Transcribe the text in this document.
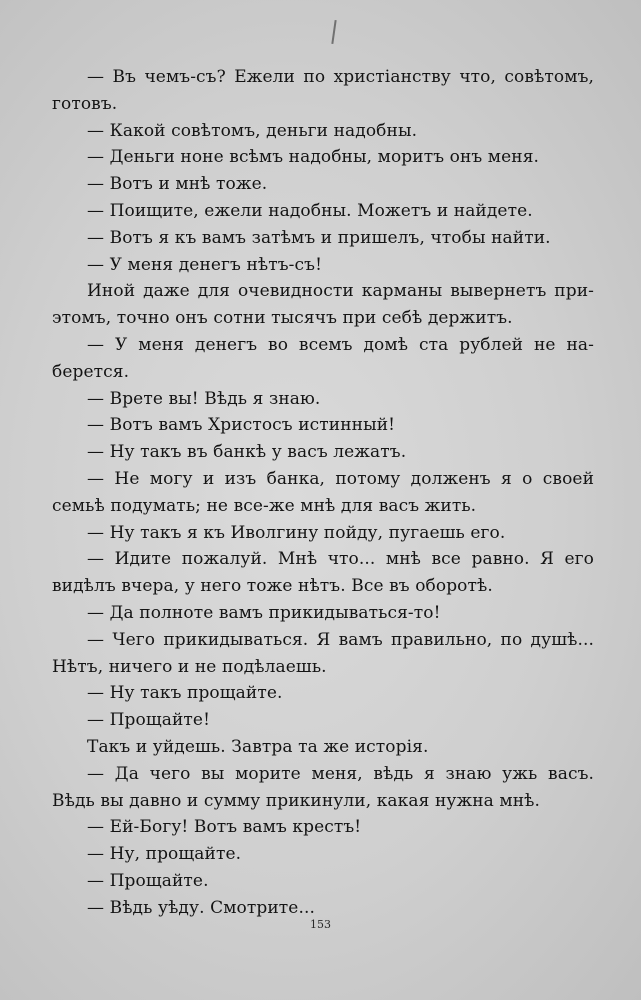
— Въ чемъ-съ? Ежели по христіанству что, совѣтомъ,
готовъ.
— Какой совѣтомъ, деньги надобны.
— Деньги ноне всѣмъ надобны, моритъ онъ меня.
— Вотъ и мнѣ тоже.
— Поищите, ежели надобны. Можетъ и найдете.
— Вотъ я къ вамъ затѣмъ и пришелъ, чтобы найти.
— У меня денегъ нѣтъ-съ!
Иной даже для очевидности карманы вывернетъ при-
этомъ, точно онъ сотни тысячъ при себѣ держитъ.
— У меня денегъ во всемъ домѣ ста рублей не на-
берется.
— Врете вы! Вѣдь я знаю.
— Вотъ вамъ Христосъ истинный!
— Ну такъ въ банкѣ у васъ лежатъ.
— Не могу и изъ банка, потому долженъ я о своей
семьѣ подумать; не все-же мнѣ для васъ жить.
— Ну такъ я къ Иволгину пойду, пугаешь его.
— Идите пожалуй. Мнѣ что... мнѣ все равно. Я его
видѣлъ вчера, у него тоже нѣтъ. Все въ оборотѣ.
— Да полноте вамъ прикидываться-то!
— Чего прикидываться. Я вамъ правильно, по душѣ...
Нѣтъ, ничего и не подѣлаешь.
— Ну такъ прощайте.
— Прощайте!
Такъ и уйдешь. Завтра та же исторія.
— Да чего вы морите меня, вѣдь я знаю ужь васъ.
Вѣдь вы давно и сумму прикинули, какая нужна мнѣ.
— Ей-Богу! Вотъ вамъ крестъ!
— Ну, прощайте.
— Прощайте.
— Вѣдь уѣду. Смотрите...
153
